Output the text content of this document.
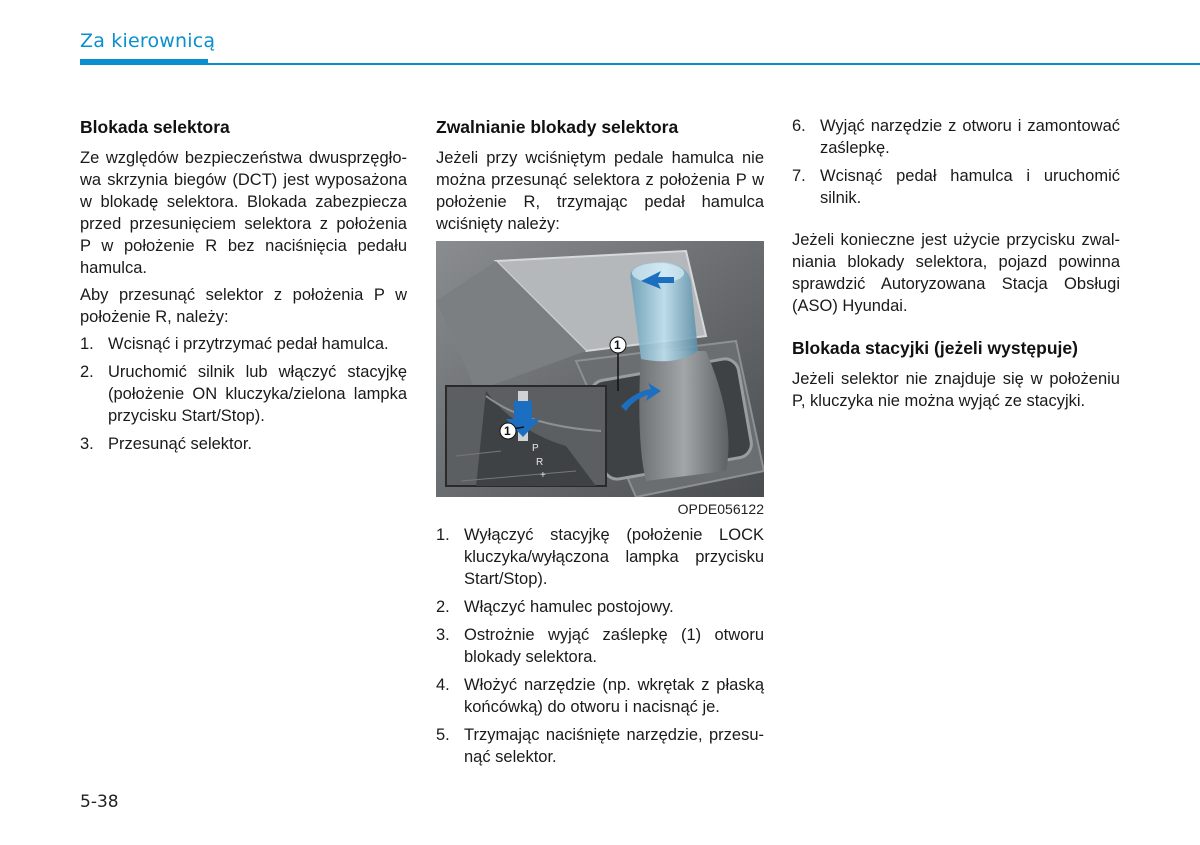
Za kierownicą
Blokada selektora

Ze względów bezpieczeństwa dwusprzęgłowa skrzynia biegów (DCT) jest wyposażona w blokadę selektora. Blokada zabezpiecza przed przesunięciem selektora z położenia P w położenie R bez naciśnięcia pedału hamulca.

Aby przesunąć selektor z położenia P w położenie R, należy:

1. Wcisnąć i przytrzymać pedał hamulca.
2. Uruchomić silnik lub włączyć stacyjkę (położenie ON kluczyka/zielona lampka przycisku Start/Stop).
3. Przesunąć selektor.
Zwalnianie blokady selektora

Jeżeli przy wciśniętym pedale hamulca nie można przesunąć selektora z położenia P w położenie R, trzymając pedał hamulca wciśnięty należy:

1
1
P
R
+
OPDE056122
1. Wyłączyć stacyjkę (położenie LOCK kluczyka/wyłączona lampka przycisku Start/Stop).
2. Włączyć hamulec postojowy.
3. Ostrożnie wyjąć zaślepkę (1) otworu blokady selektora.
4. Włożyć narzędzie (np. wkrętak z płaską końcówką) do otworu i nacisnąć je.
5. Trzymając naciśnięte narzędzie, przesunąć selektor.
6. Wyjąć narzędzie z otworu i zamontować zaślepkę.
7. Wcisnąć pedał hamulca i uruchomić silnik.

Jeżeli konieczne jest użycie przycisku zwalniania blokady selektora, pojazd powinna sprawdzić Autoryzowana Stacja Obsługi (ASO) Hyundai.

Blokada stacyjki (jeżeli występuje)

Jeżeli selektor nie znajduje się w położeniu P, kluczyka nie można wyjąć ze stacyjki.

5-38
